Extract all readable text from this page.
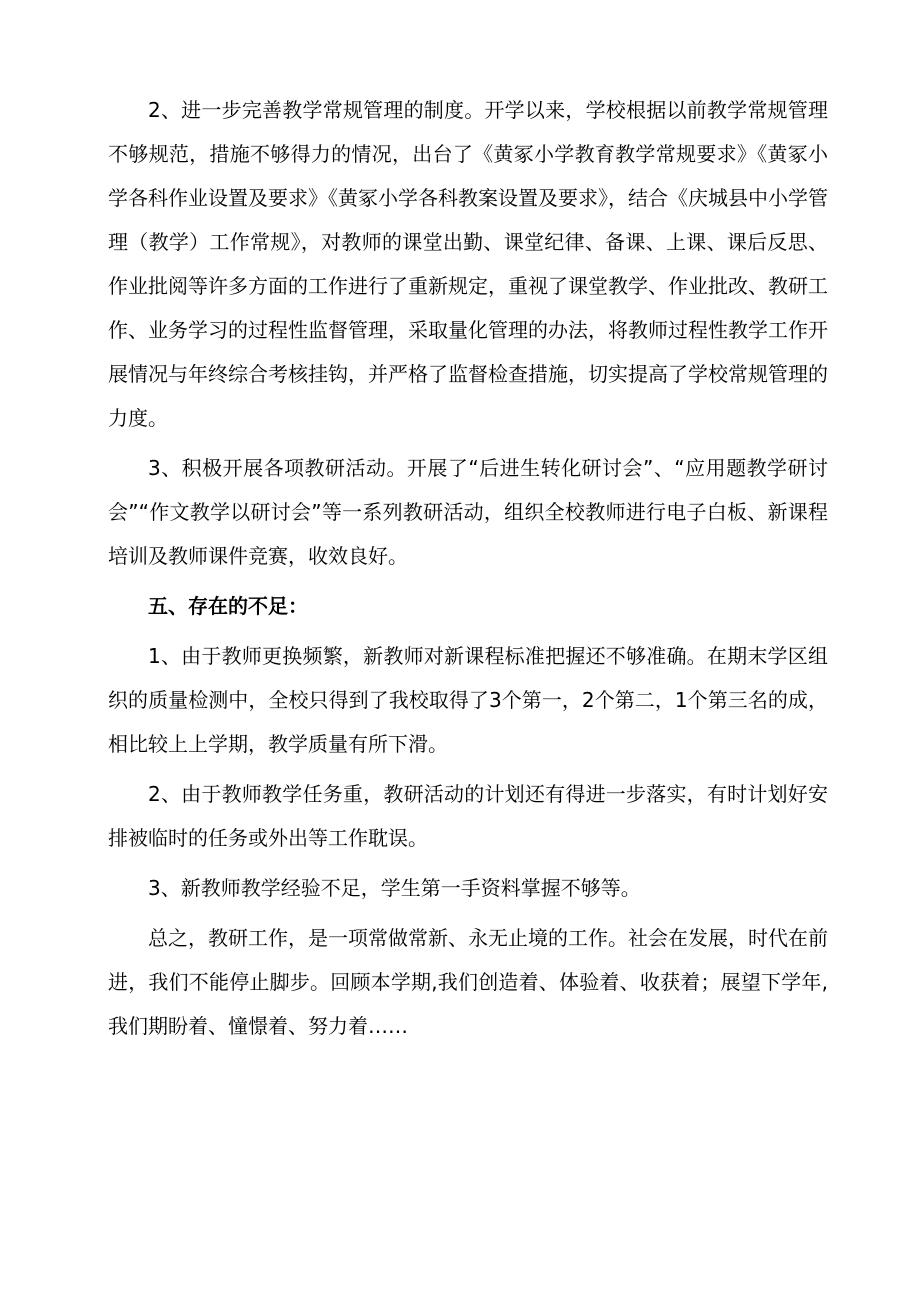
2、进一步完善教学常规管理的制度。开学以来，学校根据以前教学常规管理不够规范，措施不够得力的情况，出台了《黄冢小学教育教学常规要求》《黄冢小学各科作业设置及要求》《黄冢小学各科教案设置及要求》，结合《庆城县中小学管理（教学）工作常规》，对教师的课堂出勤、课堂纪律、备课、上课、课后反思、作业批阅等许多方面的工作进行了重新规定，重视了课堂教学、作业批改、教研工作、业务学习的过程性监督管理，采取量化管理的办法，将教师过程性教学工作开展情况与年终综合考核挂钩，并严格了监督检查措施，切实提高了学校常规管理的力度。

3、积极开展各项教研活动。开展了“后进生转化研讨会”、“应用题教学研讨会”“作文教学以研讨会”等一系列教研活动，组织全校教师进行电子白板、新课程培训及教师课件竞赛，收效良好。

五、存在的不足：

1、由于教师更换频繁，新教师对新课程标准把握还不够准确。在期末学区组织的质量检测中，全校只得到了我校取得了3个第一，2个第二，1个第三名的成，相比较上上学期，教学质量有所下滑。

2、由于教师教学任务重，教研活动的计划还有得进一步落实，有时计划好安排被临时的任务或外出等工作耽误。

3、新教师教学经验不足，学生第一手资料掌握不够等。

总之，教研工作，是一项常做常新、永无止境的工作。社会在发展，时代在前进，我们不能停止脚步。回顾本学期,我们创造着、体验着、收获着；展望下学年,我们期盼着、憧憬着、努力着……
